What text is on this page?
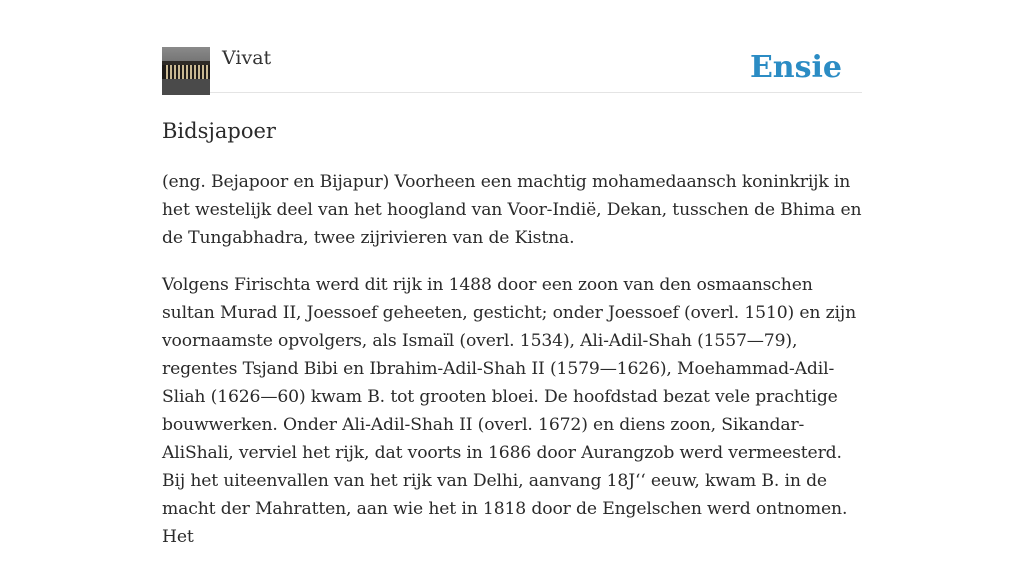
Vivat	Ensie
Bidsjapoer

(eng. Bejapoor en Bijapur) Voorheen een machtig mohamedaansch koninkrijk in het westelijk deel van het hoogland van Voor-Indië, Dekan, tusschen de Bhima en de Tungabhadra, twee zijrivieren van de Kistna.

Volgens Firischta werd dit rijk in 1488 door een zoon van den osmaanschen sultan Murad II, Joessoef geheeten, gesticht; onder Joessoef (overl. 1510) en zijn voornaamste opvolgers, als Ismaïl (overl. 1534), Ali-Adil-Shah (1557—79), regentes Tsjand Bibi en Ibrahim-Adil-Shah II (1579—1626), Moehammad-Adil-Sliah (1626—60) kwam B. tot grooten bloei. De hoofdstad bezat vele prachtige bouwwerken. Onder Ali-Adil-Shah II (overl. 1672) en diens zoon, Sikandar-AliShali, verviel het rijk, dat voorts in 1686 door Aurangzob werd vermeesterd. Bij het uiteenvallen van het rijk van Delhi, aanvang 18J‘‘ eeuw, kwam B. in de macht der Mahratten, aan wie het in 1818 door de Engelschen werd ontnomen. Het
